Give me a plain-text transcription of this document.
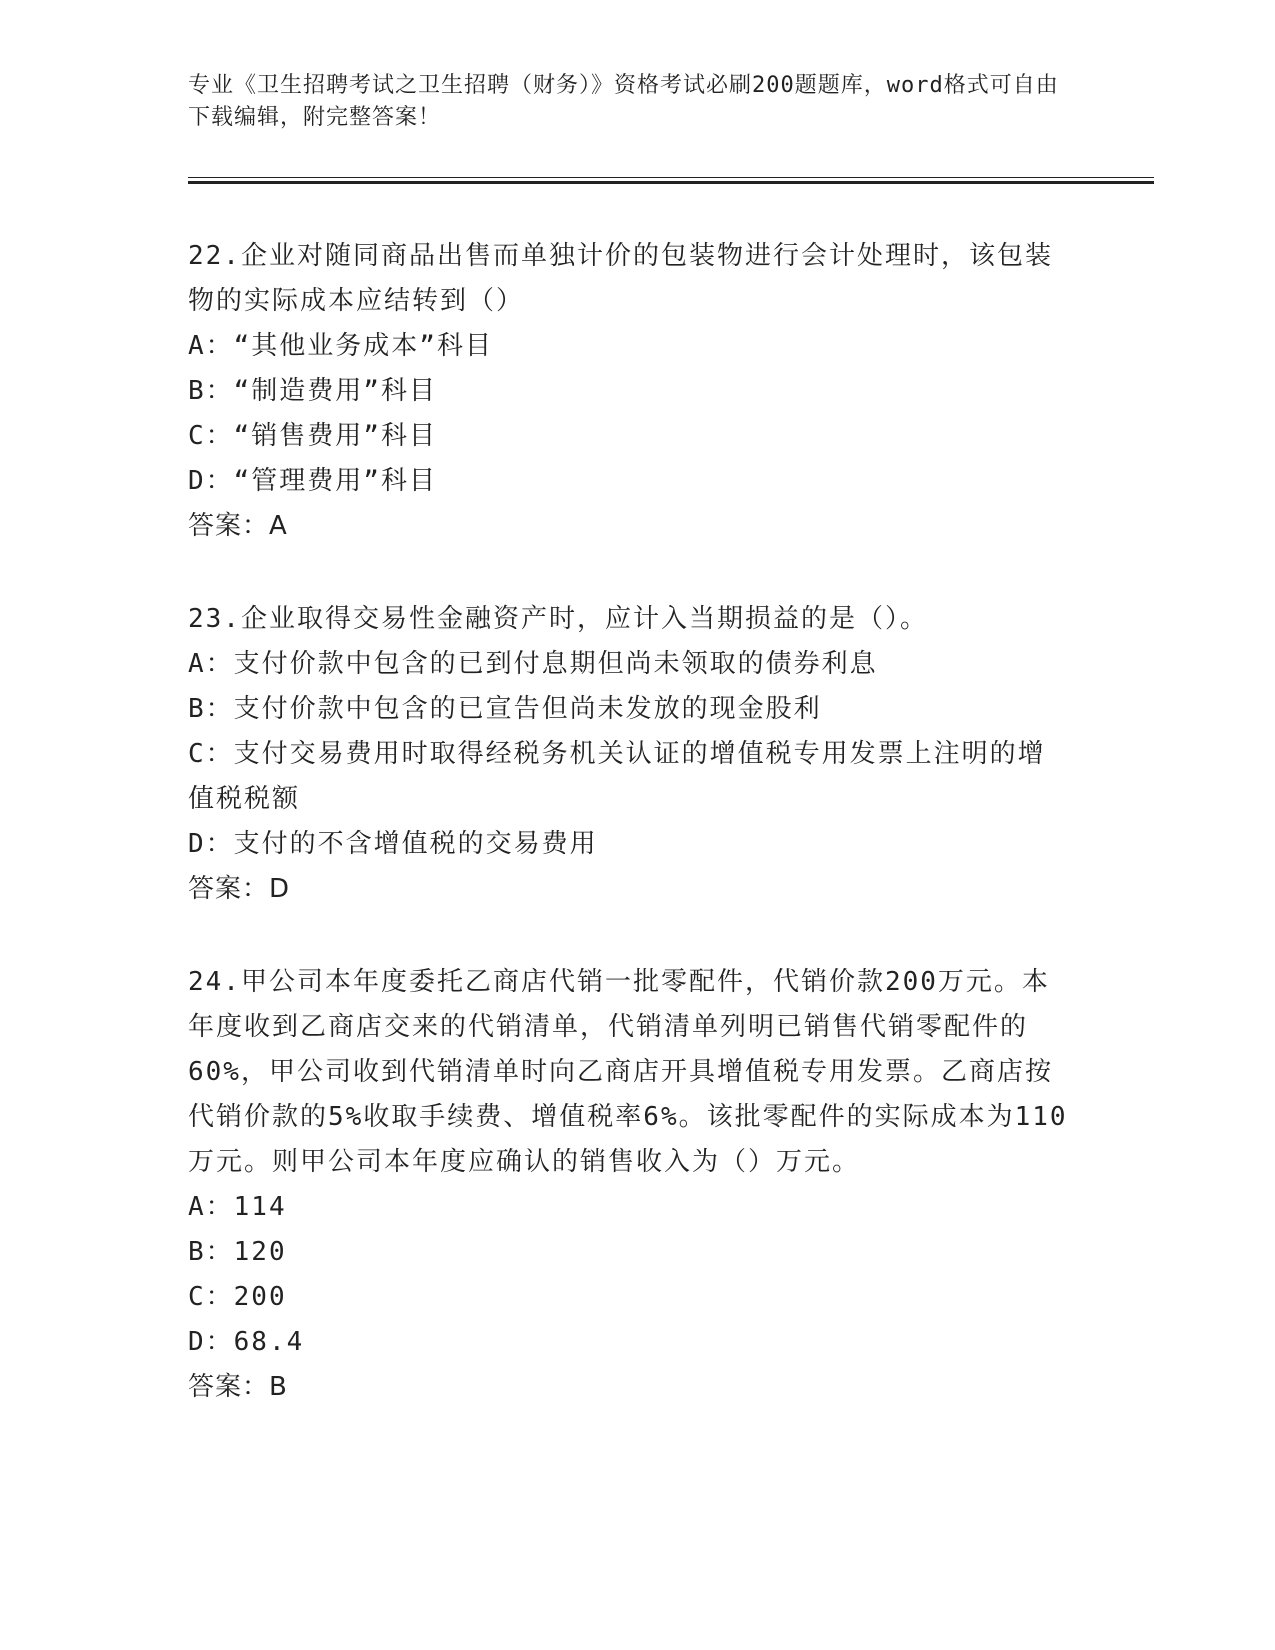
专业《卫生招聘考试之卫生招聘（财务）》资格考试必刷200题题库，word格式可自由下载编辑，附完整答案！
22.企业对随同商品出售而单独计价的包装物进行会计处理时，该包装物的实际成本应结转到（）
A：“其他业务成本”科目
B：“制造费用”科目
C：“销售费用”科目
D：“管理费用”科目
答案：A
23.企业取得交易性金融资产时，应计入当期损益的是（）。
A：支付价款中包含的已到付息期但尚未领取的债券利息
B：支付价款中包含的已宣告但尚未发放的现金股利
C：支付交易费用时取得经税务机关认证的增值税专用发票上注明的增值税税额
D：支付的不含增值税的交易费用
答案：D
24.甲公司本年度委托乙商店代销一批零配件，代销价款200万元。本年度收到乙商店交来的代销清单，代销清单列明已销售代销零配件的60%，甲公司收到代销清单时向乙商店开具增值税专用发票。乙商店按代销价款的5%收取手续费、增值税率6%。该批零配件的实际成本为110万元。则甲公司本年度应确认的销售收入为（）万元。
A：114
B：120
C：200
D：68.4
答案：B
